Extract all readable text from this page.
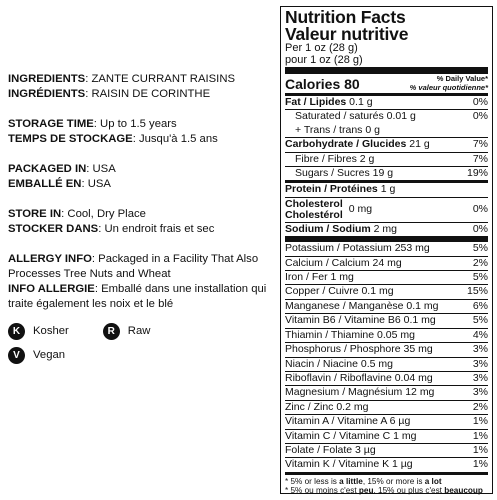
INGREDIENTS: ZANTE CURRANT RAISINS
INGRÉDIENTS: RAISIN DE CORINTHE
STORAGE TIME: Up to 1.5 years
TEMPS DE STOCKAGE: Jusqu'à 1.5 ans
PACKAGED IN: USA
EMBALLÉ EN: USA
STORE IN: Cool, Dry Place
STOCKER DANS: Un endroit frais et sec
ALLERGY INFO: Packaged in a Facility That Also Processes Tree Nuts and Wheat
INFO ALLERGIE: Emballé dans une installation qui traite également les noix et le blé
K	Kosher	R	Raw
V	Vegan
Nutrition Facts
Valeur nutritive
Per 1 oz (28 g)
pour 1 oz (28 g)
Calories 80	% Daily Value*
% valeur quotidienne*
Fat / Lipides 0.1 g	0%
Saturated / saturés 0.01 g	0%
+ Trans / trans 0 g
Carbohydrate / Glucides 21 g	7%
Fibre / Fibres 2 g	7%
Sugars / Sucres 19 g	19%
Protein / Protéines 1 g
Cholesterol
Cholestérol 0 mg	0%
Sodium / Sodium 2 mg	0%
Potassium / Potassium 253 mg	5%
Calcium / Calcium 24 mg	2%
Iron / Fer 1 mg	5%
Copper / Cuivre 0.1 mg	15%
Manganese / Manganèse 0.1 mg	6%
Vitamin B6 / Vitamine B6 0.1 mg	5%
Thiamin / Thiamine 0.05 mg	4%
Phosphorus / Phosphore 35 mg	3%
Niacin / Niacine 0.5 mg	3%
Riboflavin / Riboflavine 0.04 mg	3%
Magnesium / Magnésium 12 mg	3%
Zinc / Zinc 0.2 mg	2%
Vitamin A / Vitamine A 6 µg	1%
Vitamin C / Vitamine C 1 mg	1%
Folate / Folate 3 µg	1%
Vitamin K / Vitamine K 1 µg	1%
* 5% or less is a little, 15% or more is a lot
* 5% ou moins c'est peu, 15% ou plus c'est beaucoup
